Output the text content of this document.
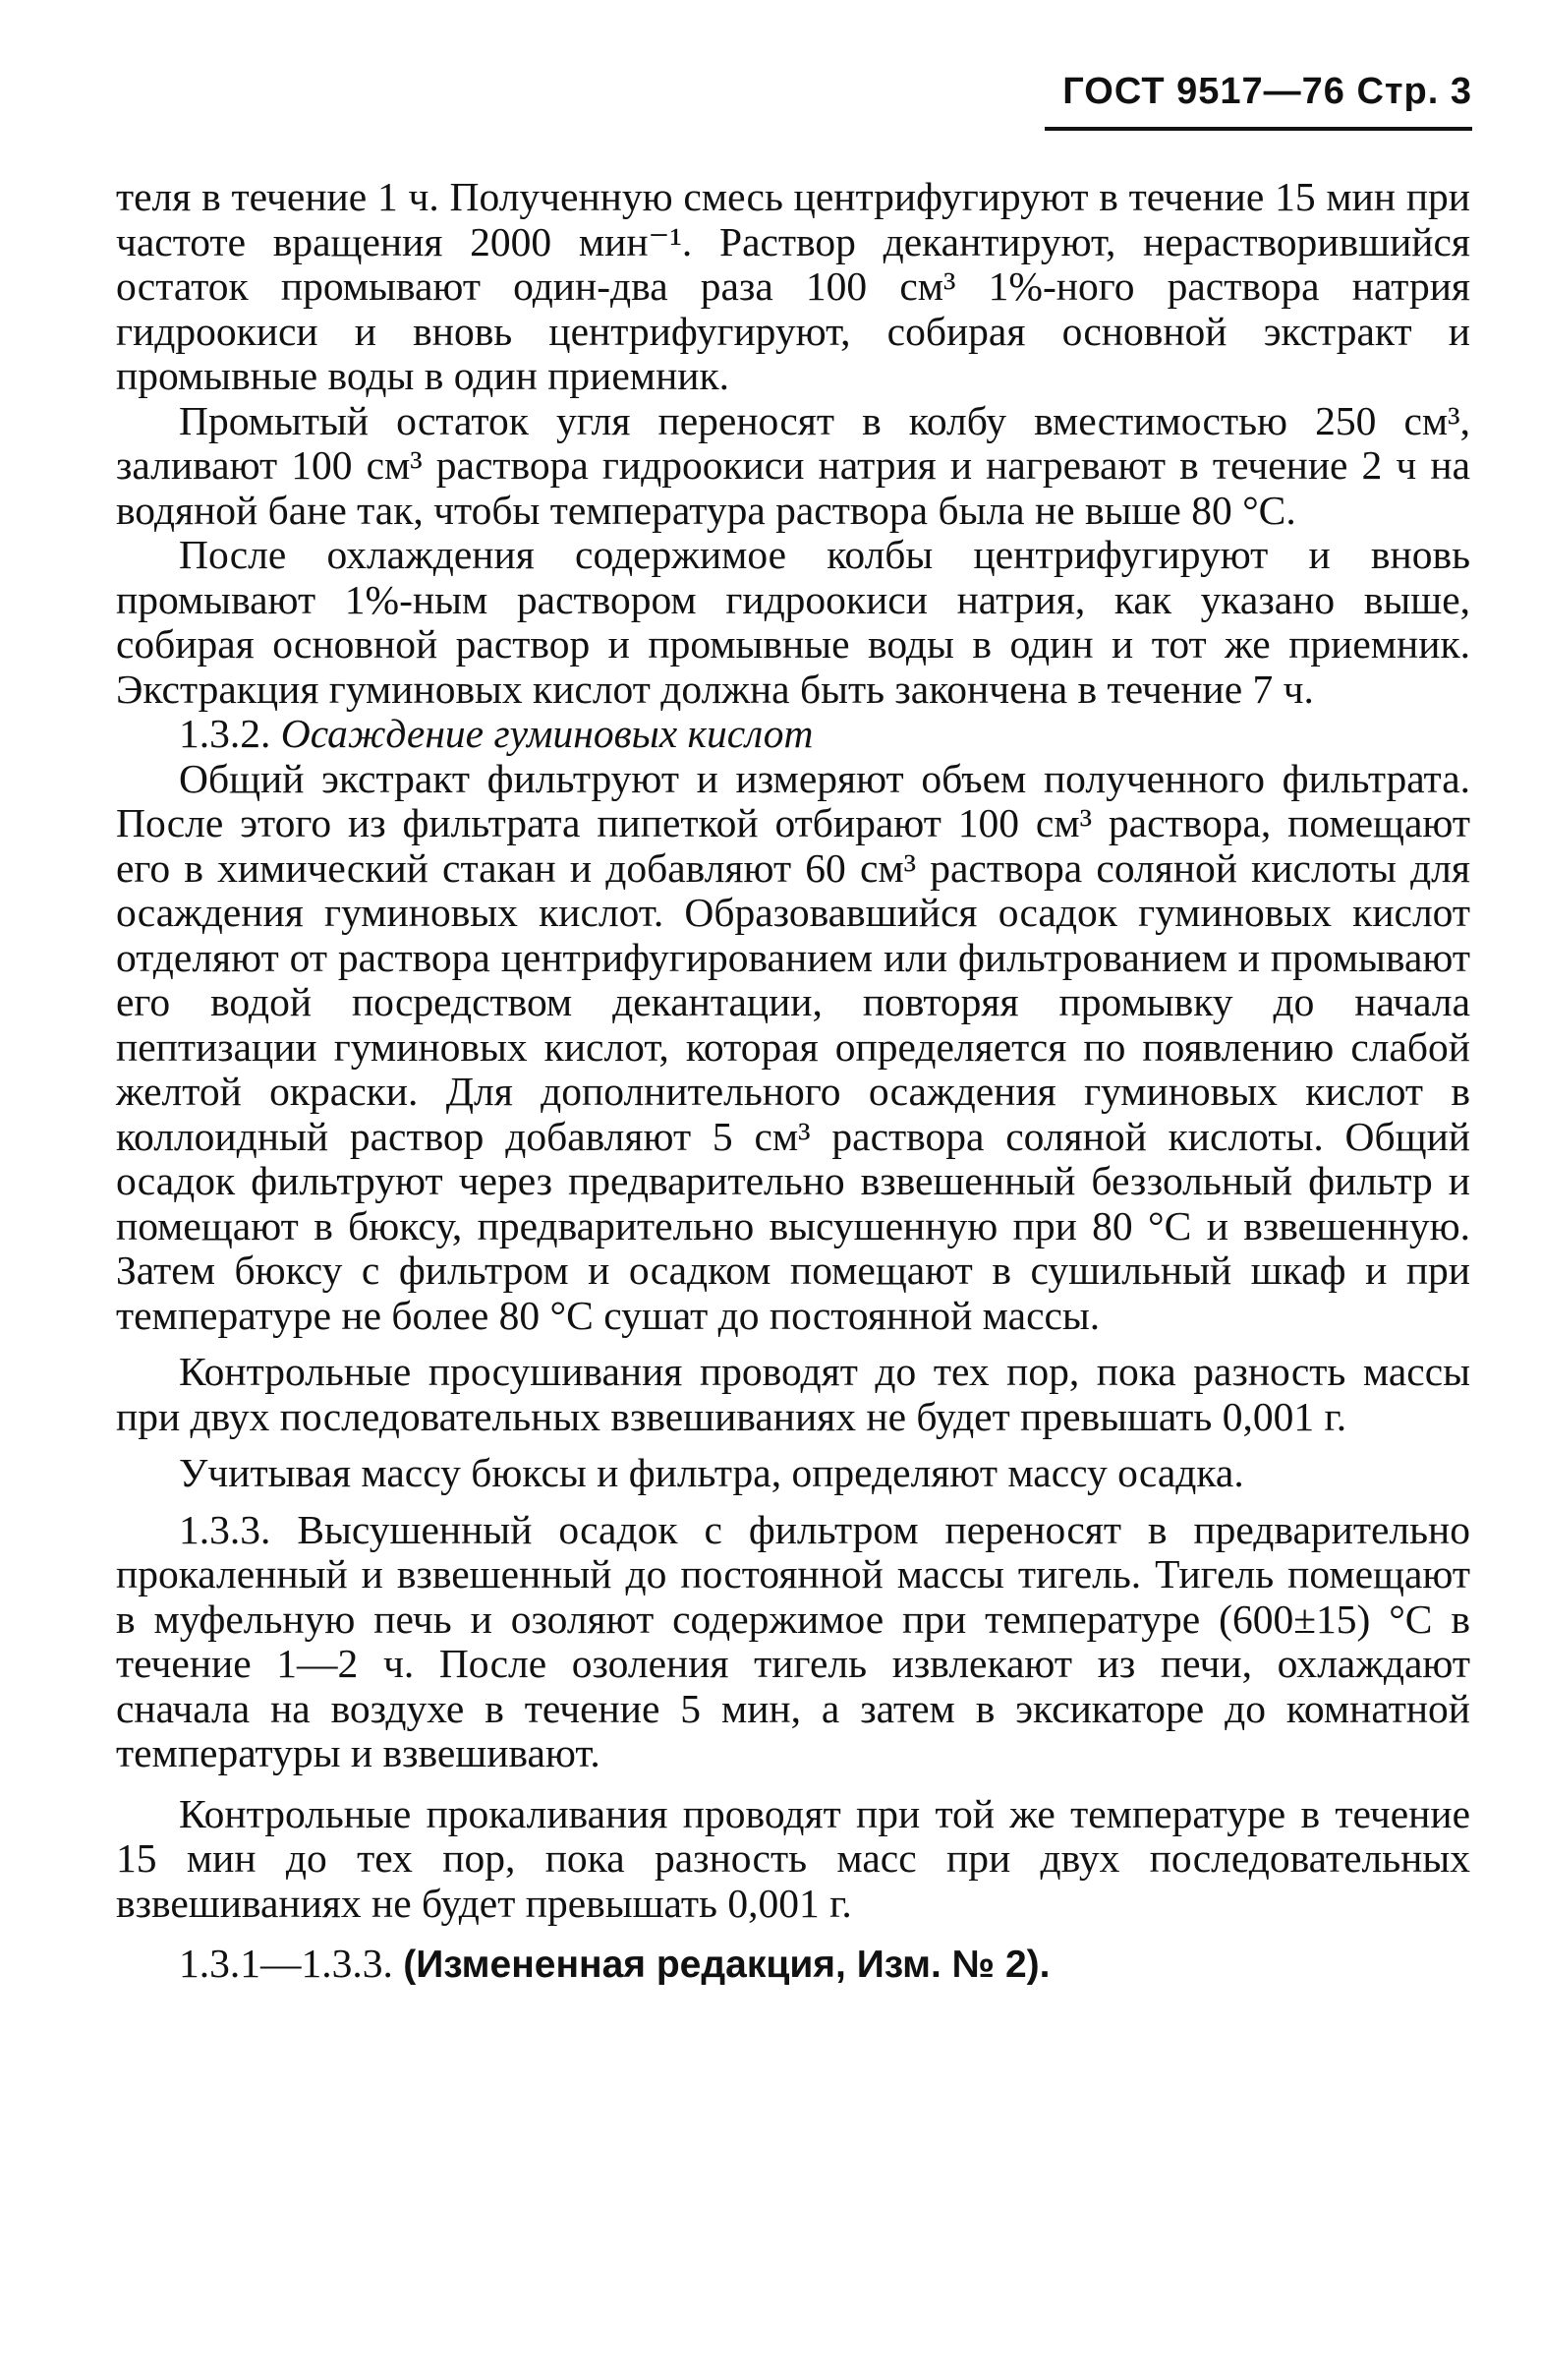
ГОСТ 9517—76 Стр. 3

теля в течение 1 ч. Полученную смесь центрифугируют в течение 15 мин при частоте вращения 2000 мин⁻¹. Раствор декантируют, нерастворившийся остаток промывают один-два раза 100 см³ 1%-ного раствора натрия гидроокиси и вновь центрифугируют, собирая основной экстракт и промывные воды в один приемник.

Промытый остаток угля переносят в колбу вместимостью 250 см³, заливают 100 см³ раствора гидроокиси натрия и нагревают в течение 2 ч на водяной бане так, чтобы температура раствора была не выше 80 °С.

После охлаждения содержимое колбы центрифугируют и вновь промывают 1%-ным раствором гидроокиси натрия, как указано выше, собирая основной раствор и промывные воды в один и тот же приемник. Экстракция гуминовых кислот должна быть закончена в течение 7 ч.

1.3.2. Осаждение гуминовых кислот

Общий экстракт фильтруют и измеряют объем полученного фильтрата. После этого из фильтрата пипеткой отбирают 100 см³ раствора, помещают его в химический стакан и добавляют 60 см³ раствора соляной кислоты для осаждения гуминовых кислот. Образовавшийся осадок гуминовых кислот отделяют от раствора центрифугированием или фильтрованием и промывают его водой посредством декантации, повторяя промывку до начала пептизации гуминовых кислот, которая определяется по появлению слабой желтой окраски. Для дополнительного осаждения гуминовых кислот в коллоидный раствор добавляют 5 см³ раствора соляной кислоты. Общий осадок фильтруют через предварительно взвешенный беззольный фильтр и помещают в бюксу, предварительно высушенную при 80 °С и взвешенную. Затем бюксу с фильтром и осадком помещают в сушильный шкаф и при температуре не более 80 °С сушат до постоянной массы.

Контрольные просушивания проводят до тех пор, пока разность массы при двух последовательных взвешиваниях не будет превышать 0,001 г.

Учитывая массу бюксы и фильтра, определяют массу осадка.

1.3.3. Высушенный осадок с фильтром переносят в предварительно прокаленный и взвешенный до постоянной массы тигель. Тигель помещают в муфельную печь и озоляют содержимое при температуре (600±15) °С в течение 1—2 ч. После озоления тигель извлекают из печи, охлаждают сначала на воздухе в течение 5 мин, а затем в эксикаторе до комнатной температуры и взвешивают.

Контрольные прокаливания проводят при той же температуре в течение 15 мин до тех пор, пока разность масс при двух последовательных взвешиваниях не будет превышать 0,001 г.

1.3.1—1.3.3. (Измененная редакция, Изм. № 2).
